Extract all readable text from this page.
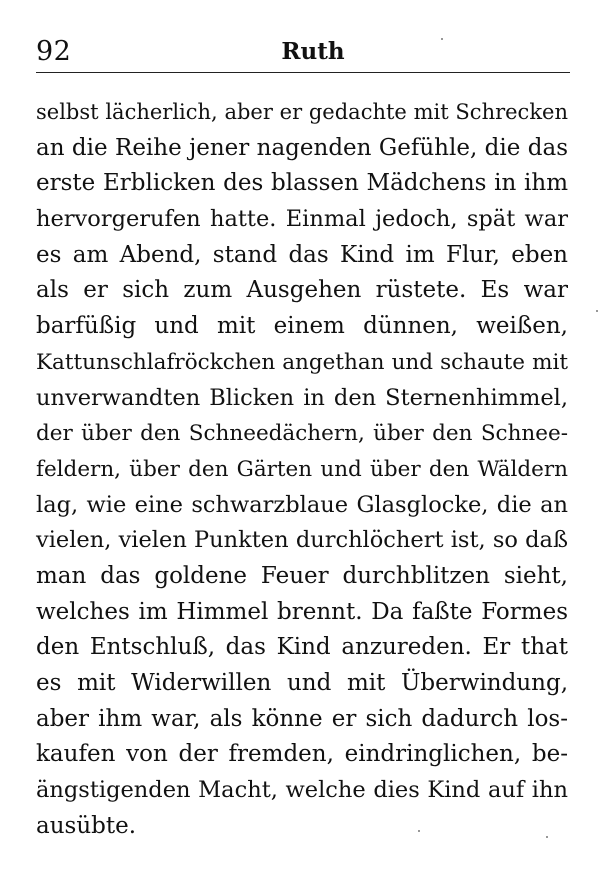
92	Ruth
selbst lächerlich, aber er gedachte mit Schrecken
an die Reihe jener nagenden Gefühle, die das
erste Erblicken des blassen Mädchens in ihm
hervorgerufen hatte. Einmal jedoch, spät war
es am Abend, stand das Kind im Flur, eben
als er sich zum Ausgehen rüstete. Es war
barfüßig und mit einem dünnen, weißen,
Kattunschlafröckchen angethan und schaute mit
unverwandten Blicken in den Sternenhimmel,
der über den Schneedächern, über den Schnee-
feldern, über den Gärten und über den Wäldern
lag, wie eine schwarzblaue Glasglocke, die an
vielen, vielen Punkten durchlöchert ist, so daß
man das goldene Feuer durchblitzen sieht,
welches im Himmel brennt. Da faßte Formes
den Entschluß, das Kind anzureden. Er that
es mit Widerwillen und mit Überwindung,
aber ihm war, als könne er sich dadurch los-
kaufen von der fremden, eindringlichen, be-
ängstigenden Macht, welche dies Kind auf ihn
ausübte.
